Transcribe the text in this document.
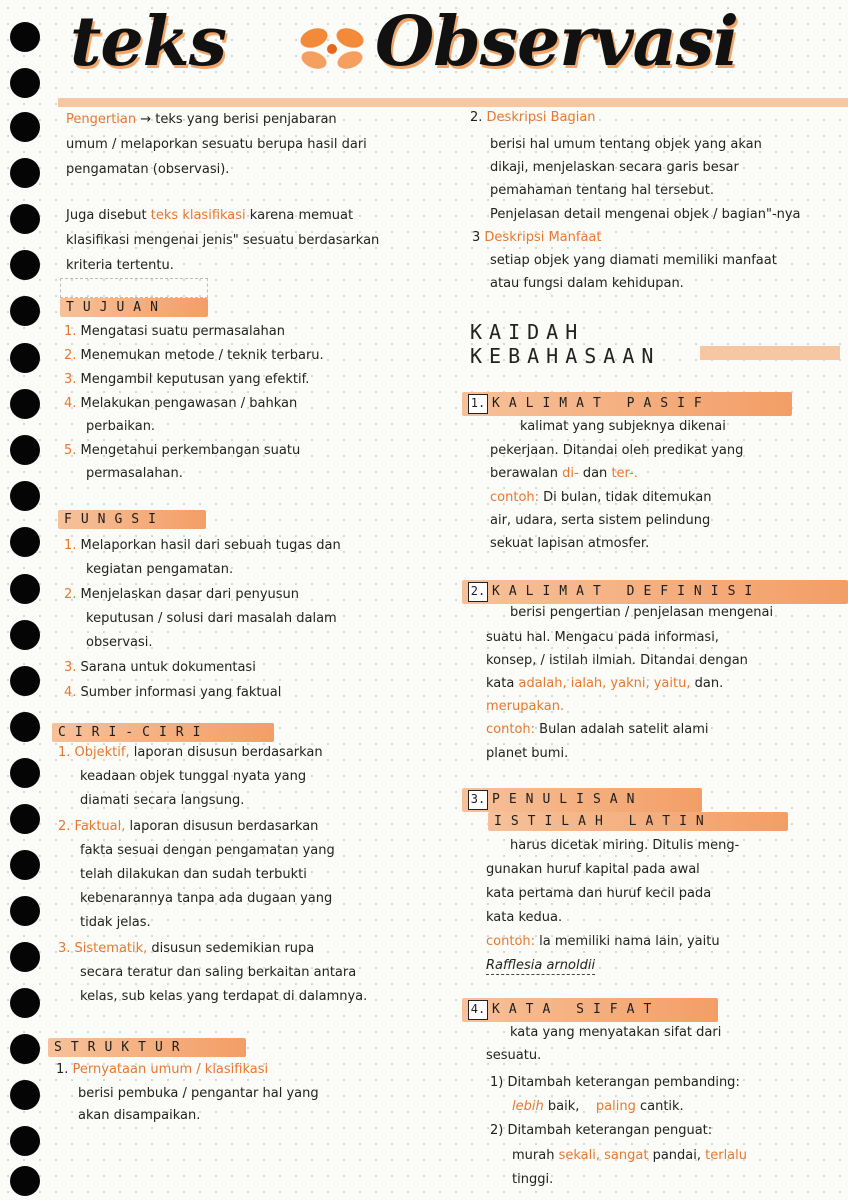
teks Observasi
Pengertian → teks yang berisi penjabaran
umum / melaporkan sesuatu berupa hasil dari
pengamatan (observasi).
Juga disebut teks klasifikasi karena memuat
klasifikasi mengenai jenis" sesuatu berdasarkan
kriteria tertentu.
TUJUAN
1. Mengatasi suatu permasalahan
2. Menemukan metode / teknik terbaru.
3. Mengambil keputusan yang efektif.
4. Melakukan pengawasan / bahkan
perbaikan.
5. Mengetahui perkembangan suatu
permasalahan.
FUNGSI
1. Melaporkan hasil dari sebuah tugas dan
kegiatan pengamatan.
2. Menjelaskan dasar dari penyusun
keputusan / solusi dari masalah dalam
observasi.
3. Sarana untuk dokumentasi
4. Sumber informasi yang faktual
CIRI-CIRI
1. Objektif, laporan disusun berdasarkan
keadaan objek tunggal nyata yang
diamati secara langsung.
2. Faktual, laporan disusun berdasarkan
fakta sesuai dengan pengamatan yang
telah dilakukan dan sudah terbukti
kebenarannya tanpa ada dugaan yang
tidak jelas.
3. Sistematik, disusun sedemikian rupa
secara teratur dan saling berkaitan antara
kelas, sub kelas yang terdapat di dalamnya.
STRUKTUR
1. Pernyataan umum / klasifikasi
berisi pembuka / pengantar hal yang
akan disampaikan.
2. Deskripsi Bagian
berisi hal umum tentang objek yang akan
dikaji, menjelaskan secara garis besar
pemahaman tentang hal tersebut.
Penjelasan detail mengenai objek / bagian"-nya
3 Deskripsi Manfaat
setiap objek yang diamati memiliki manfaat
atau fungsi dalam kehidupan.
KAIDAH
KEBAHASAAN
1. KALIMAT PASIF
kalimat yang subjeknya dikenai
pekerjaan. Ditandai oleh predikat yang
berawalan di- dan ter-.
contoh: Di bulan, tidak ditemukan
air, udara, serta sistem pelindung
sekuat lapisan atmosfer.
2. KALIMAT DEFINISI
berisi pengertian / penjelasan mengenai
suatu hal. Mengacu pada informasi,
konsep, / istilah ilmiah. Ditandai dengan
kata adalah, ialah, yakni, yaitu, dan.
merupakan.
contoh: Bulan adalah satelit alami
planet bumi.
3. PENULISAN
ISTILAH LATIN
harus dicetak miring. Ditulis meng-
gunakan huruf kapital pada awal
kata pertama dan huruf kecil pada
kata kedua.
contoh: la memiliki nama lain, yaitu
Rafflesia arnoldii
4. KATA SIFAT
kata yang menyatakan sifat dari
sesuatu.
1) Ditambah keterangan pembanding:
lebih baik, paling cantik.
2) Ditambah keterangan penguat:
murah sekali, sangat pandai, terlalu
tinggi.
